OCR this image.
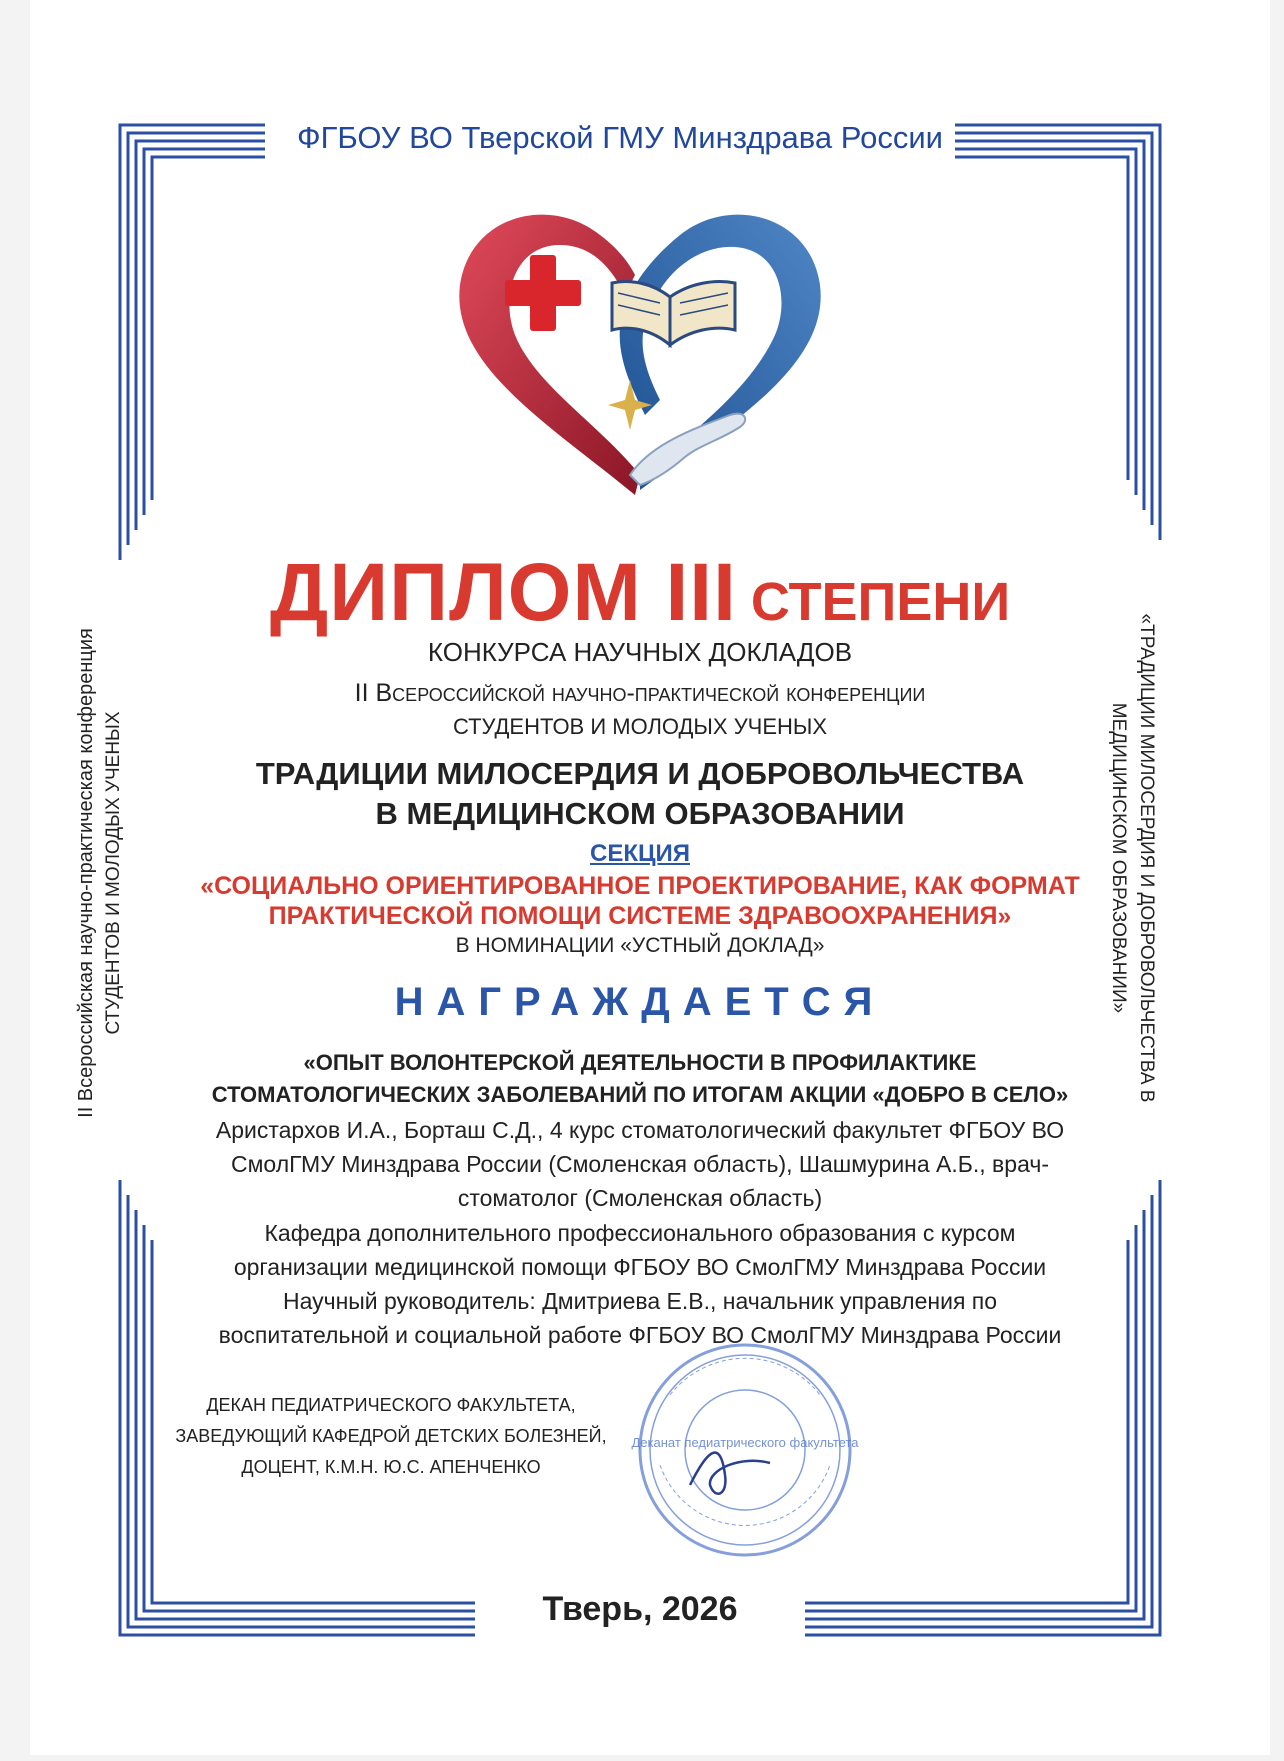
ФГБОУ ВО Тверской ГМУ Минздрава России
ДИПЛОМ III СТЕПЕНИ
КОНКУРСА НАУЧНЫХ ДОКЛАДОВ
II Всероссийской научно-практической конференции
СТУДЕНТОВ И МОЛОДЫХ УЧЕНЫХ
ТРАДИЦИИ МИЛОСЕРДИЯ И ДОБРОВОЛЬЧЕСТВА
В МЕДИЦИНСКОМ ОБРАЗОВАНИИ
СЕКЦИЯ
«СОЦИАЛЬНО ОРИЕНТИРОВАННОЕ ПРОЕКТИРОВАНИЕ, КАК ФОРМАТ
ПРАКТИЧЕСКОЙ ПОМОЩИ СИСТЕМЕ ЗДРАВООХРАНЕНИЯ»
В НОМИНАЦИИ «УСТНЫЙ ДОКЛАД»
НАГРАЖДАЕТСЯ
«ОПЫТ ВОЛОНТЕРСКОЙ ДЕЯТЕЛЬНОСТИ В ПРОФИЛАКТИКЕ
СТОМАТОЛОГИЧЕСКИХ ЗАБОЛЕВАНИЙ ПО ИТОГАМ АКЦИИ «ДОБРО В СЕЛО»
Аристархов И.А., Борташ С.Д., 4 курс стоматологический факультет ФГБОУ ВО
СмолГМУ Минздрава России (Смоленская область), Шашмурина А.Б., врач-
стоматолог (Смоленская область)
Кафедра дополнительного профессионального образования с курсом
организации медицинской помощи ФГБОУ ВО СмолГМУ Минздрава России
Научный руководитель: Дмитриева Е.В., начальник управления по
воспитательной и социальной работе ФГБОУ ВО СмолГМУ Минздрава России
ДЕКАН ПЕДИАТРИЧЕСКОГО ФАКУЛЬТЕТА,
ЗАВЕДУЮЩИЙ КАФЕДРОЙ ДЕТСКИХ БОЛЕЗНЕЙ,
ДОЦЕНТ, К.М.Н. Ю.С. АПЕНЧЕНКО
Деканат педиатрического факультета
Тверь, 2026
II Всероссийская научно-практическая конференция СТУДЕНТОВ И МОЛОДЫХ УЧЕНЫХ	«ТРАДИЦИИ МИЛОСЕРДИЯ И ДОБРОВОЛЬЧЕСТВА В
МЕДИЦИНСКОМ ОБРАЗОВАНИИ»
